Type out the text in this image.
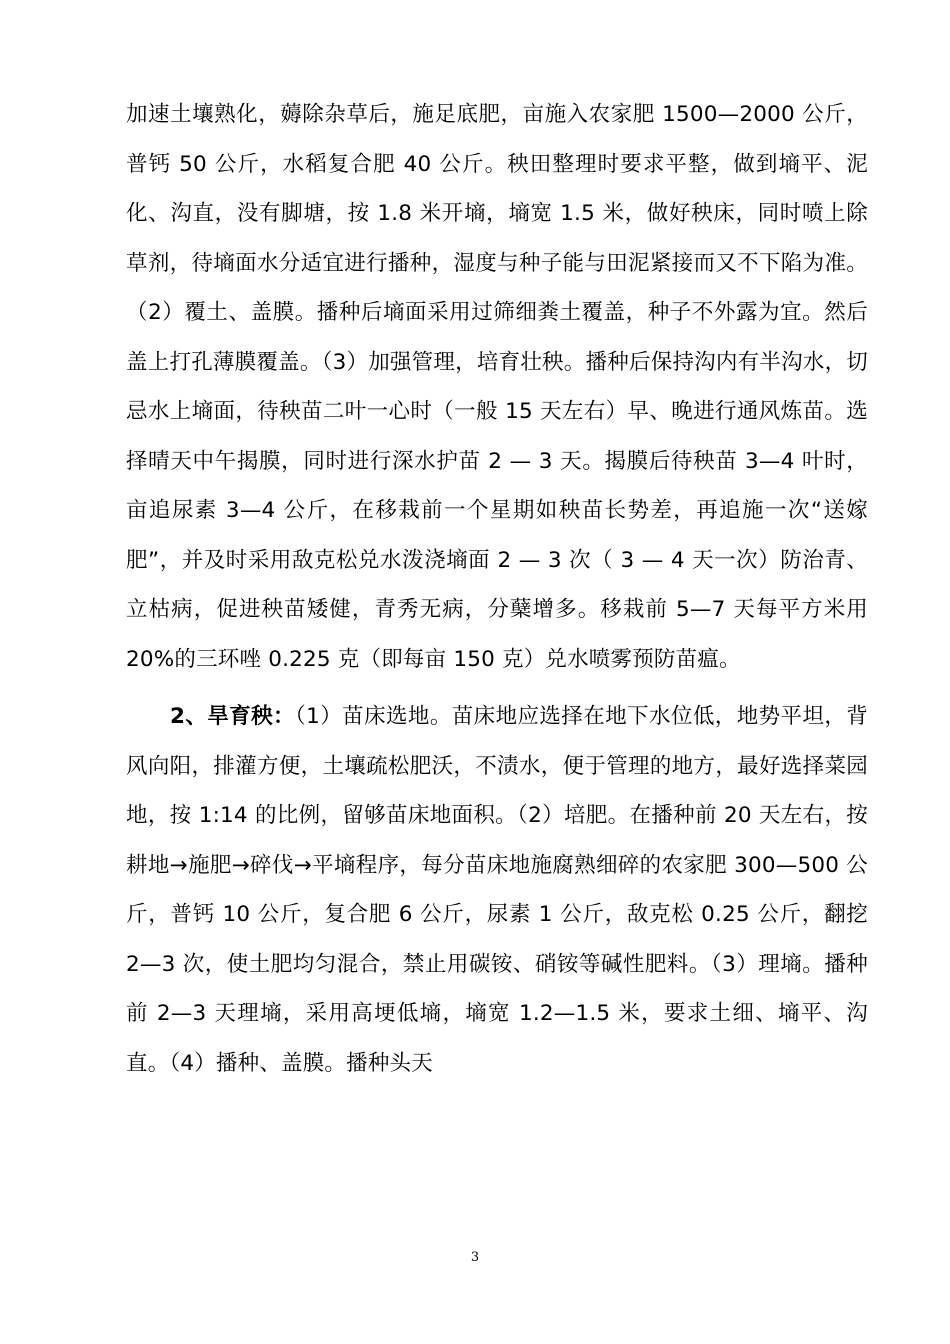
加速土壤熟化，薅除杂草后，施足底肥，亩施入农家肥 1500—2000 公斤，普钙 50 公斤，水稻复合肥 40 公斤。秧田整理时要求平整，做到墒平、泥化、沟直，没有脚塘，按 1.8 米开墒，墒宽 1.5 米，做好秧床，同时喷上除草剂，待墒面水分适宜进行播种，湿度与种子能与田泥紧接而又不下陷为准。（2）覆土、盖膜。播种后墒面采用过筛细粪土覆盖，种子不外露为宜。然后盖上打孔薄膜覆盖。（3）加强管理，培育壮秧。播种后保持沟内有半沟水，切忌水上墒面，待秧苗二叶一心时（一般 15 天左右）早、晚进行通风炼苗。选择晴天中午揭膜，同时进行深水护苗 2 — 3 天。揭膜后待秧苗 3—4 叶时，亩追尿素 3—4 公斤，在移栽前一个星期如秧苗长势差，再追施一次“送嫁肥”，并及时采用敌克松兑水泼浇墒面 2 — 3 次（ 3 — 4 天一次）防治青、立枯病，促进秧苗矮健，青秀无病，分蘖增多。移栽前 5—7 天每平方米用 20%的三环唑 0.225 克（即每亩 150 克）兑水喷雾预防苗瘟。

2、旱育秧：（1）苗床选地。苗床地应选择在地下水位低，地势平坦，背风向阳，排灌方便，土壤疏松肥沃，不渍水，便于管理的地方，最好选择菜园地，按 1:14 的比例，留够苗床地面积。（2）培肥。在播种前 20 天左右，按耕地→施肥→碎伐→平墒程序，每分苗床地施腐熟细碎的农家肥 300—500 公斤，普钙 10 公斤，复合肥 6 公斤，尿素 1 公斤，敌克松 0.25 公斤，翻挖 2—3 次，使土肥均匀混合，禁止用碳铵、硝铵等碱性肥料。（3）理墒。播种前 2—3 天理墒，采用高埂低墒，墒宽 1.2—1.5 米，要求土细、墒平、沟直。（4）播种、盖膜。播种头天

3
